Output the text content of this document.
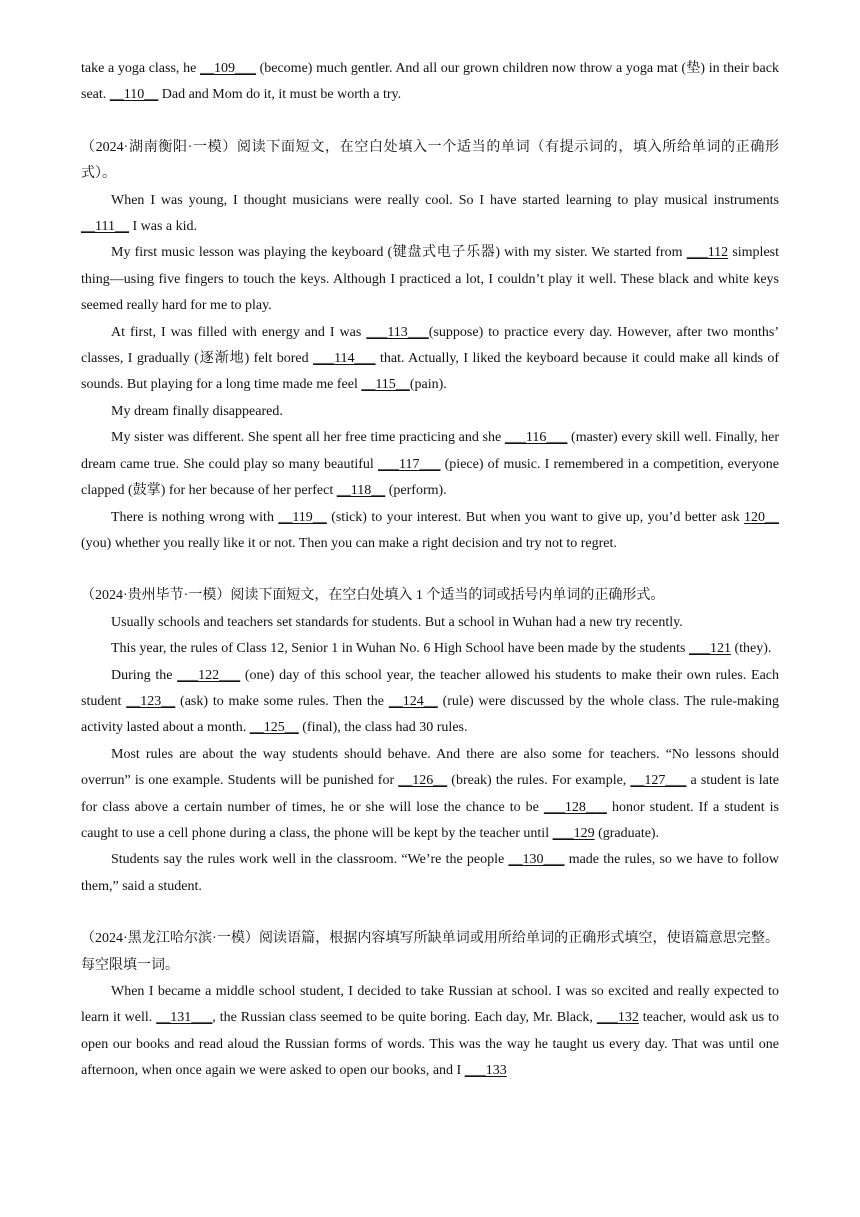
take a yoga class, he __109___ (become) much gentler. And all our grown children now throw a yoga mat (垫) in their back seat. __110__ Dad and Mom do it, it must be worth a try.

（2024·湖南衡阳·一模）阅读下面短文，在空白处填入一个适当的单词（有提示词的，填入所给单词的正确形式）。

When I was young, I thought musicians were really cool. So I have started learning to play musical instruments __111__ I was a kid.

My first music lesson was playing the keyboard (键盘式电子乐器) with my sister. We started from ___112 simplest thing—using five fingers to touch the keys. Although I practiced a lot, I couldn’t play it well. These black and white keys seemed really hard for me to play.

At first, I was filled with energy and I was ___113___(suppose) to practice every day. However, after two months’ classes, I gradually (逐渐地) felt bored ___114___ that. Actually, I liked the keyboard because it could make all kinds of sounds. But playing for a long time made me feel __115__(pain).

My dream finally disappeared.

My sister was different. She spent all her free time practicing and she ___116___ (master) every skill well. Finally, her dream came true. She could play so many beautiful ___117___ (piece) of music. I remembered in a competition, everyone clapped (鼓掌) for her because of her perfect __118__ (perform).

There is nothing wrong with __119__ (stick) to your interest. But when you want to give up, you’d better ask 120__ (you) whether you really like it or not. Then you can make a right decision and try not to regret.

（2024·贵州毕节·一模）阅读下面短文，在空白处填入 1 个适当的词或括号内单词的正确形式。

Usually schools and teachers set standards for students. But a school in Wuhan had a new try recently.

This year, the rules of Class 12, Senior 1 in Wuhan No. 6 High School have been made by the students ___121 (they).

During the ___122___ (one) day of this school year, the teacher allowed his students to make their own rules. Each student __123__ (ask) to make some rules. Then the __124__ (rule) were discussed by the whole class. The rule-making activity lasted about a month. __125__ (final), the class had 30 rules.

Most rules are about the way students should behave. And there are also some for teachers. “No lessons should overrun” is one example. Students will be punished for __126__ (break) the rules. For example, __127___ a student is late for class above a certain number of times, he or she will lose the chance to be ___128___ honor student. If a student is caught to use a cell phone during a class, the phone will be kept by the teacher until ___129 (graduate).

Students say the rules work well in the classroom. “We’re the people __130___ made the rules, so we have to follow them,” said a student.

（2024·黑龙江哈尔滨·一模）阅读语篇，根据内容填写所缺单词或用所给单词的正确形式填空，使语篇意思完整。每空限填一词。

When I became a middle school student, I decided to take Russian at school. I was so excited and really expected to learn it well. __131___, the Russian class seemed to be quite boring. Each day, Mr. Black, ___132 teacher, would ask us to open our books and read aloud the Russian forms of words. This was the way he taught us every day. That was until one afternoon, when once again we were asked to open our books, and I ___133
